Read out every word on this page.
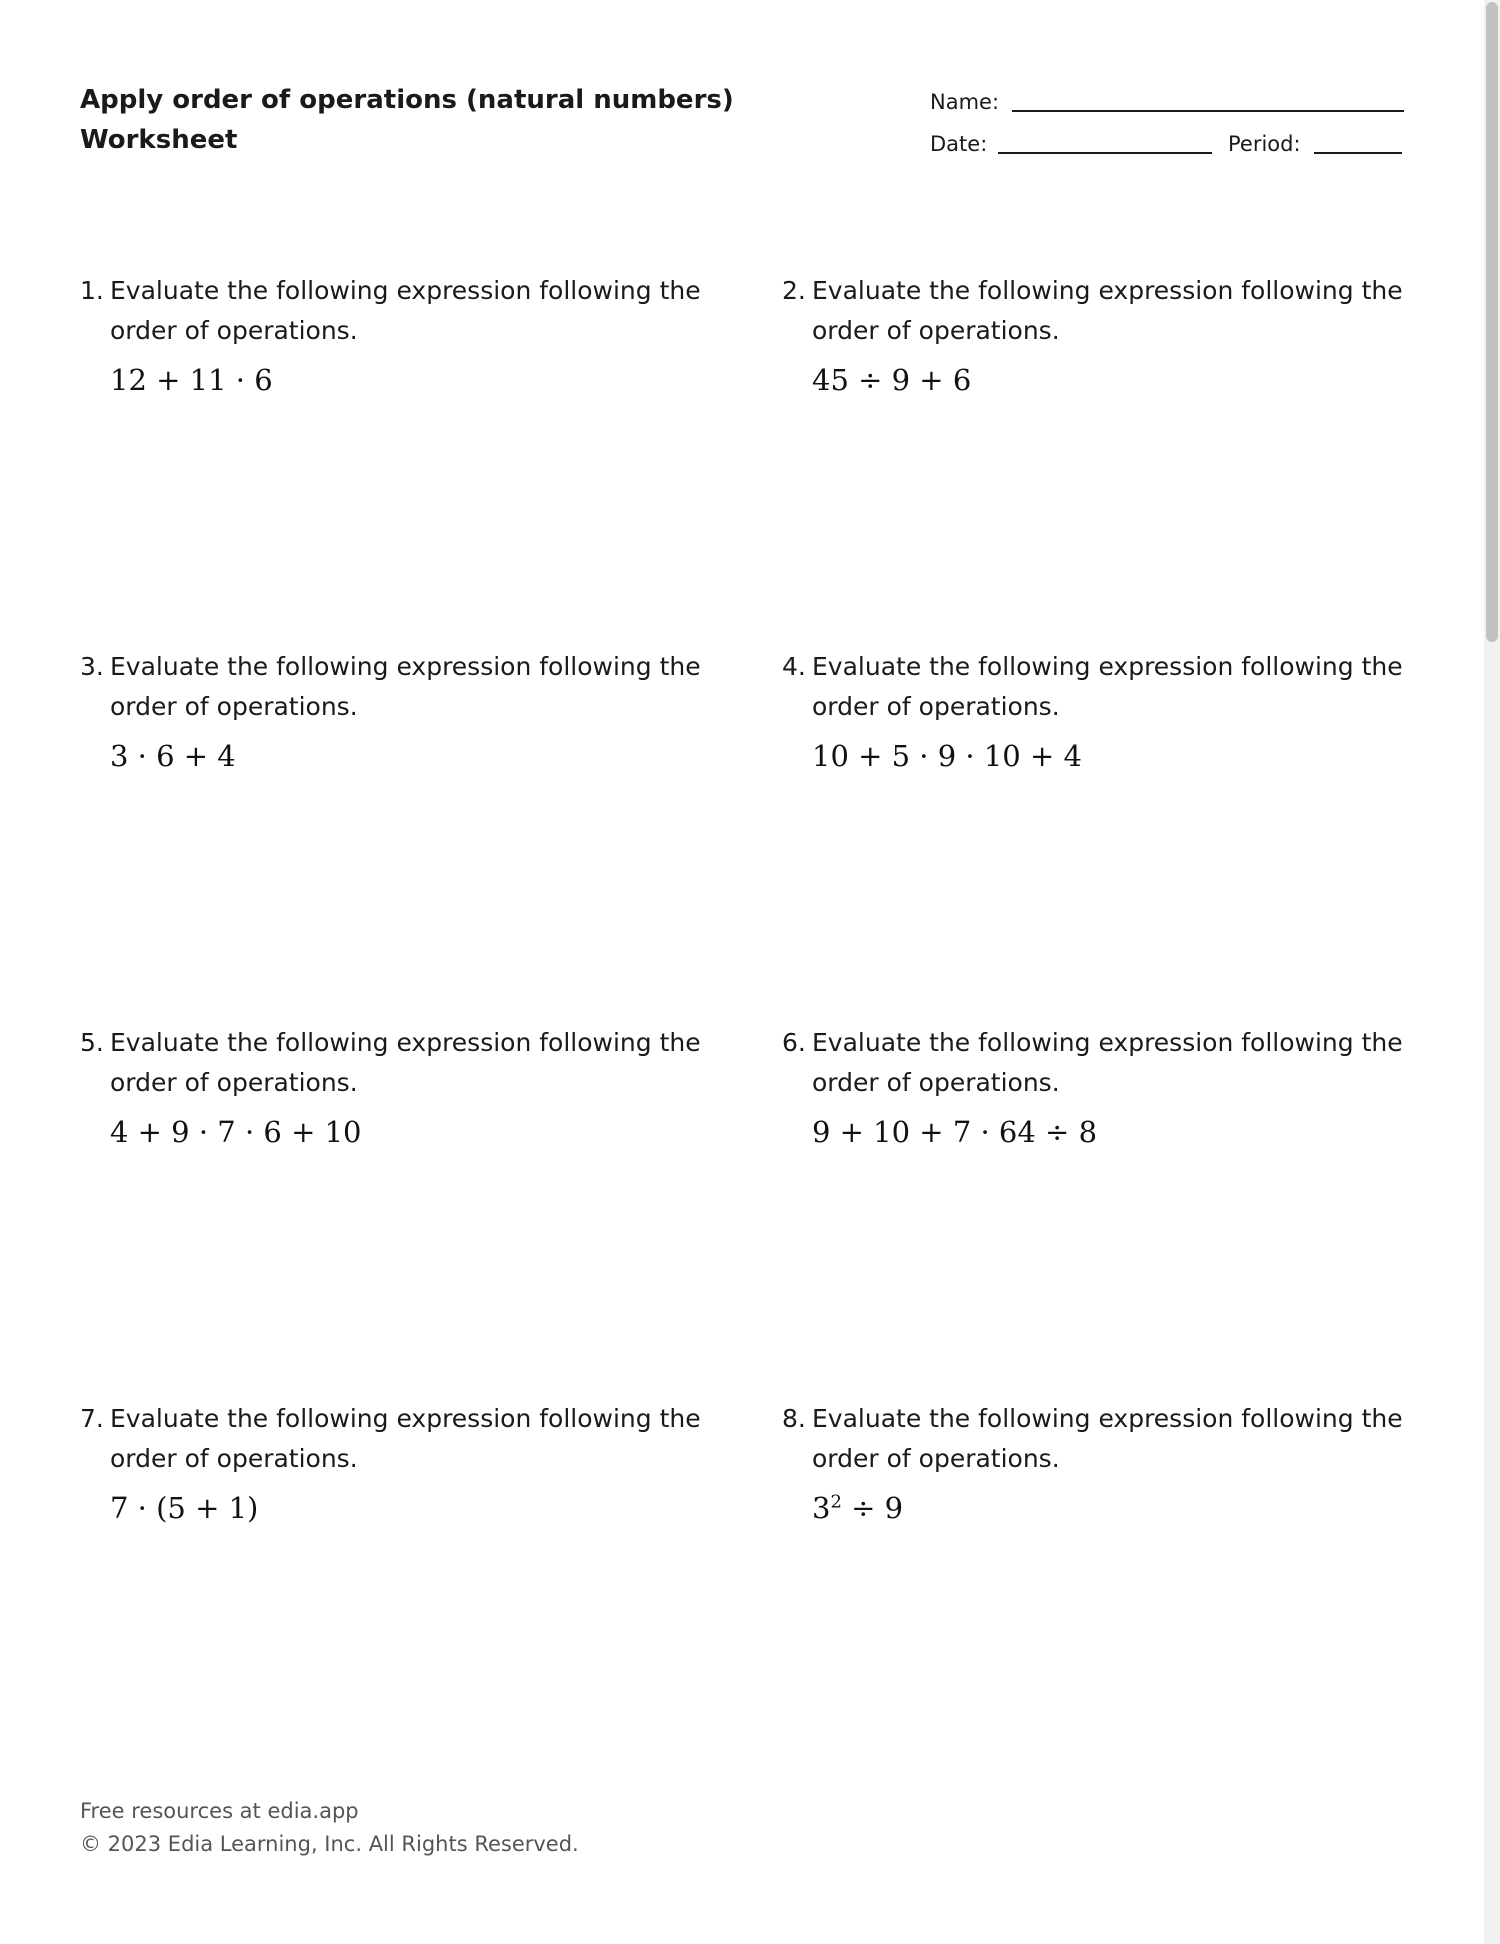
Apply order of operations (natural numbers)
Worksheet
Name:
Date:	Period:
1. Evaluate the following expression following the order of operations.
12 + 11 · 6
2. Evaluate the following expression following the order of operations.
45 ÷ 9 + 6
3. Evaluate the following expression following the order of operations.
3 · 6 + 4
4. Evaluate the following expression following the order of operations.
10 + 5 · 9 · 10 + 4
5. Evaluate the following expression following the order of operations.
4 + 9 · 7 · 6 + 10
6. Evaluate the following expression following the order of operations.
9 + 10 + 7 · 64 ÷ 8
7. Evaluate the following expression following the order of operations.
7 · (5 + 1)
8. Evaluate the following expression following the order of operations.
$3^2 \div 9$
Free resources at edia.app
© 2023 Edia Learning, Inc. All Rights Reserved.
